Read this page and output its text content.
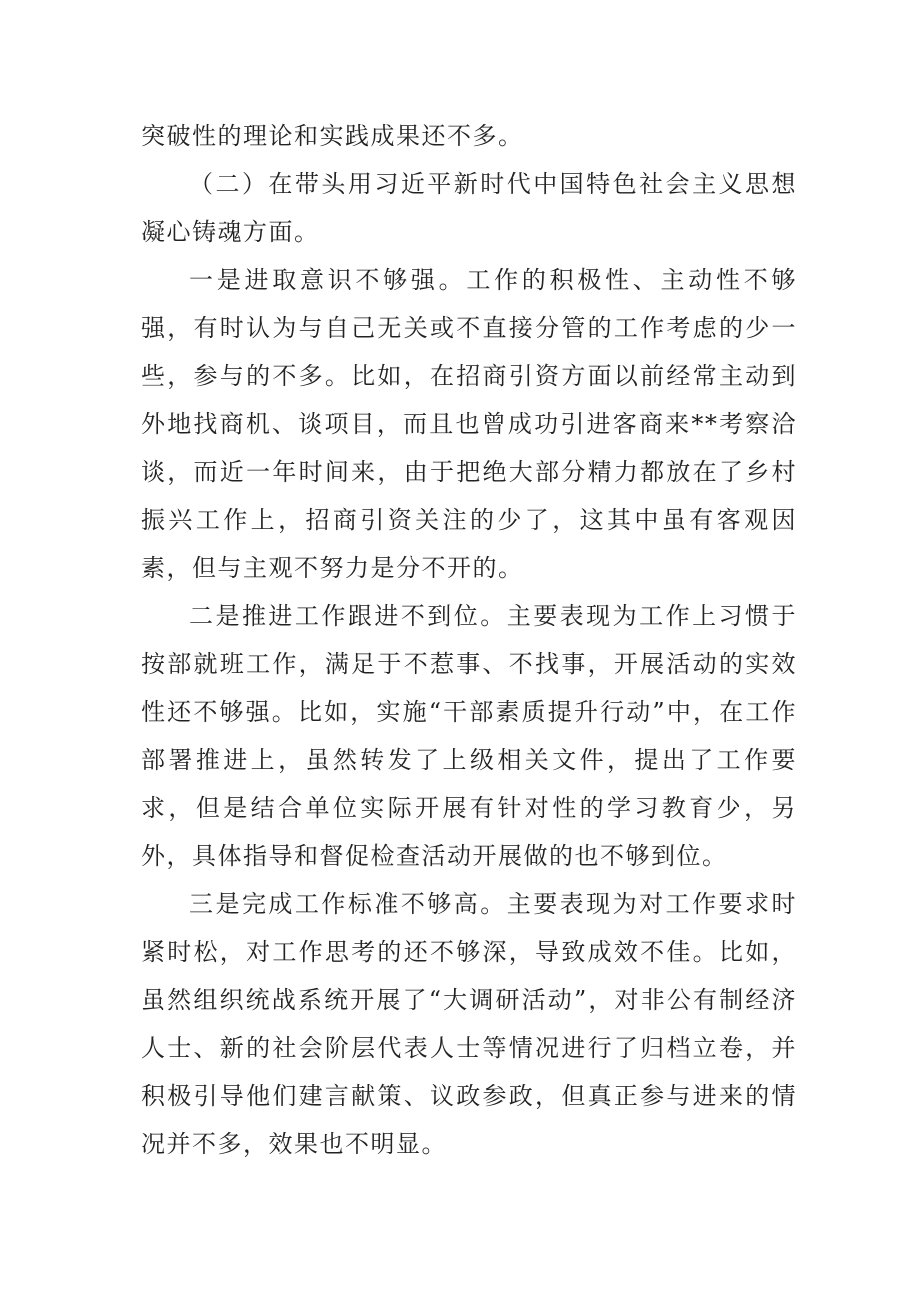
突破性的理论和实践成果还不多。

（二）在带头用习近平新时代中国特色社会主义思想凝心铸魂方面。

一是进取意识不够强。工作的积极性、主动性不够强，有时认为与自己无关或不直接分管的工作考虑的少一些，参与的不多。比如，在招商引资方面以前经常主动到外地找商机、谈项目，而且也曾成功引进客商来**考察洽谈，而近一年时间来，由于把绝大部分精力都放在了乡村振兴工作上，招商引资关注的少了，这其中虽有客观因素，但与主观不努力是分不开的。

二是推进工作跟进不到位。主要表现为工作上习惯于按部就班工作，满足于不惹事、不找事，开展活动的实效性还不够强。比如，实施“干部素质提升行动”中，在工作部署推进上，虽然转发了上级相关文件，提出了工作要求，但是结合单位实际开展有针对性的学习教育少，另外，具体指导和督促检查活动开展做的也不够到位。

三是完成工作标准不够高。主要表现为对工作要求时紧时松，对工作思考的还不够深，导致成效不佳。比如，虽然组织统战系统开展了“大调研活动”，对非公有制经济人士、新的社会阶层代表人士等情况进行了归档立卷，并积极引导他们建言献策、议政参政，但真正参与进来的情况并不多，效果也不明显。
